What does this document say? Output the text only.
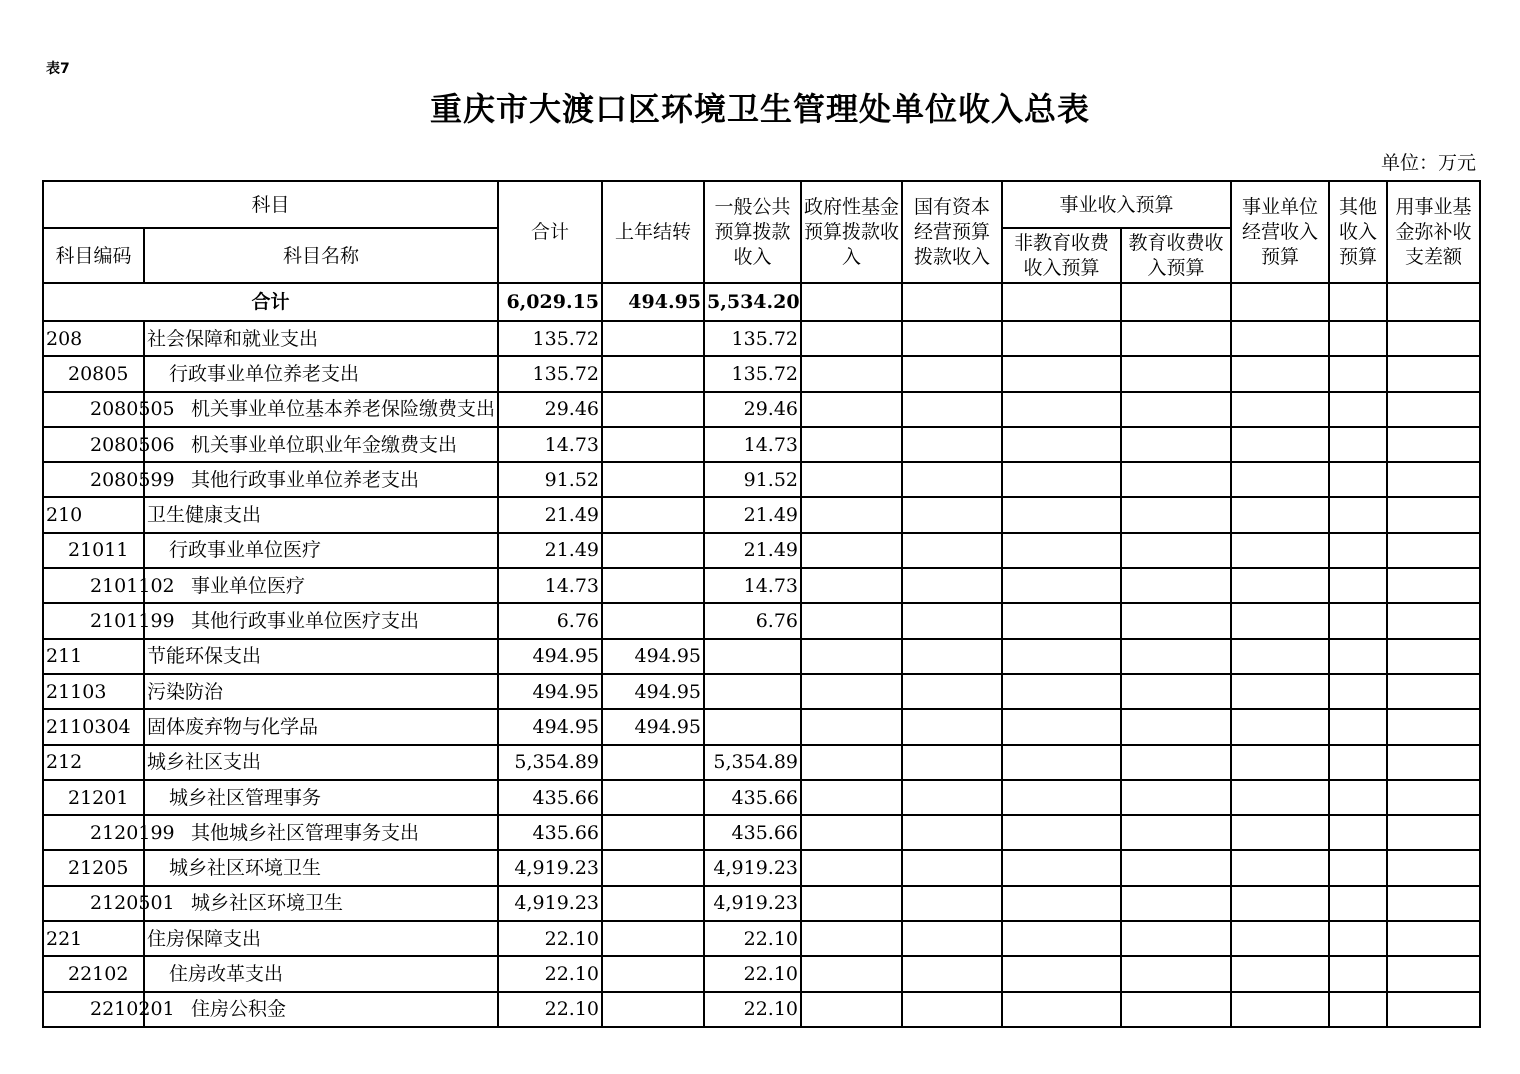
表7
重庆市大渡口区环境卫生管理处单位收入总表
单位：万元
科目		合计	上年结转	一般公共预算拨款收入	政府性基金预算拨款收入	国有资本经营预算拨款收入	事业收入预算		事业单位经营收入预算	其他收入预算	用事业基金弥补收支差额
科目编码	科目名称						非教育收费收入预算	教育收费收入预算			
合计		6,029.15	494.95	5,534.20							
208	社会保障和就业支出	135.72		135.72							
20805	行政事业单位养老支出	135.72		135.72							
2080505	机关事业单位基本养老保险缴费支出	29.46		29.46							
2080506	机关事业单位职业年金缴费支出	14.73		14.73							
2080599	其他行政事业单位养老支出	91.52		91.52							
210	卫生健康支出	21.49		21.49							
21011	行政事业单位医疗	21.49		21.49							
2101102	事业单位医疗	14.73		14.73							
2101199	其他行政事业单位医疗支出	6.76		6.76							
211	节能环保支出	494.95	494.95								
21103	污染防治	494.95	494.95								
2110304	固体废弃物与化学品	494.95	494.95								
212	城乡社区支出	5,354.89		5,354.89							
21201	城乡社区管理事务	435.66		435.66							
2120199	其他城乡社区管理事务支出	435.66		435.66							
21205	城乡社区环境卫生	4,919.23		4,919.23							
2120501	城乡社区环境卫生	4,919.23		4,919.23							
221	住房保障支出	22.10		22.10							
22102	住房改革支出	22.10		22.10							
2210201	住房公积金	22.10		22.10							
